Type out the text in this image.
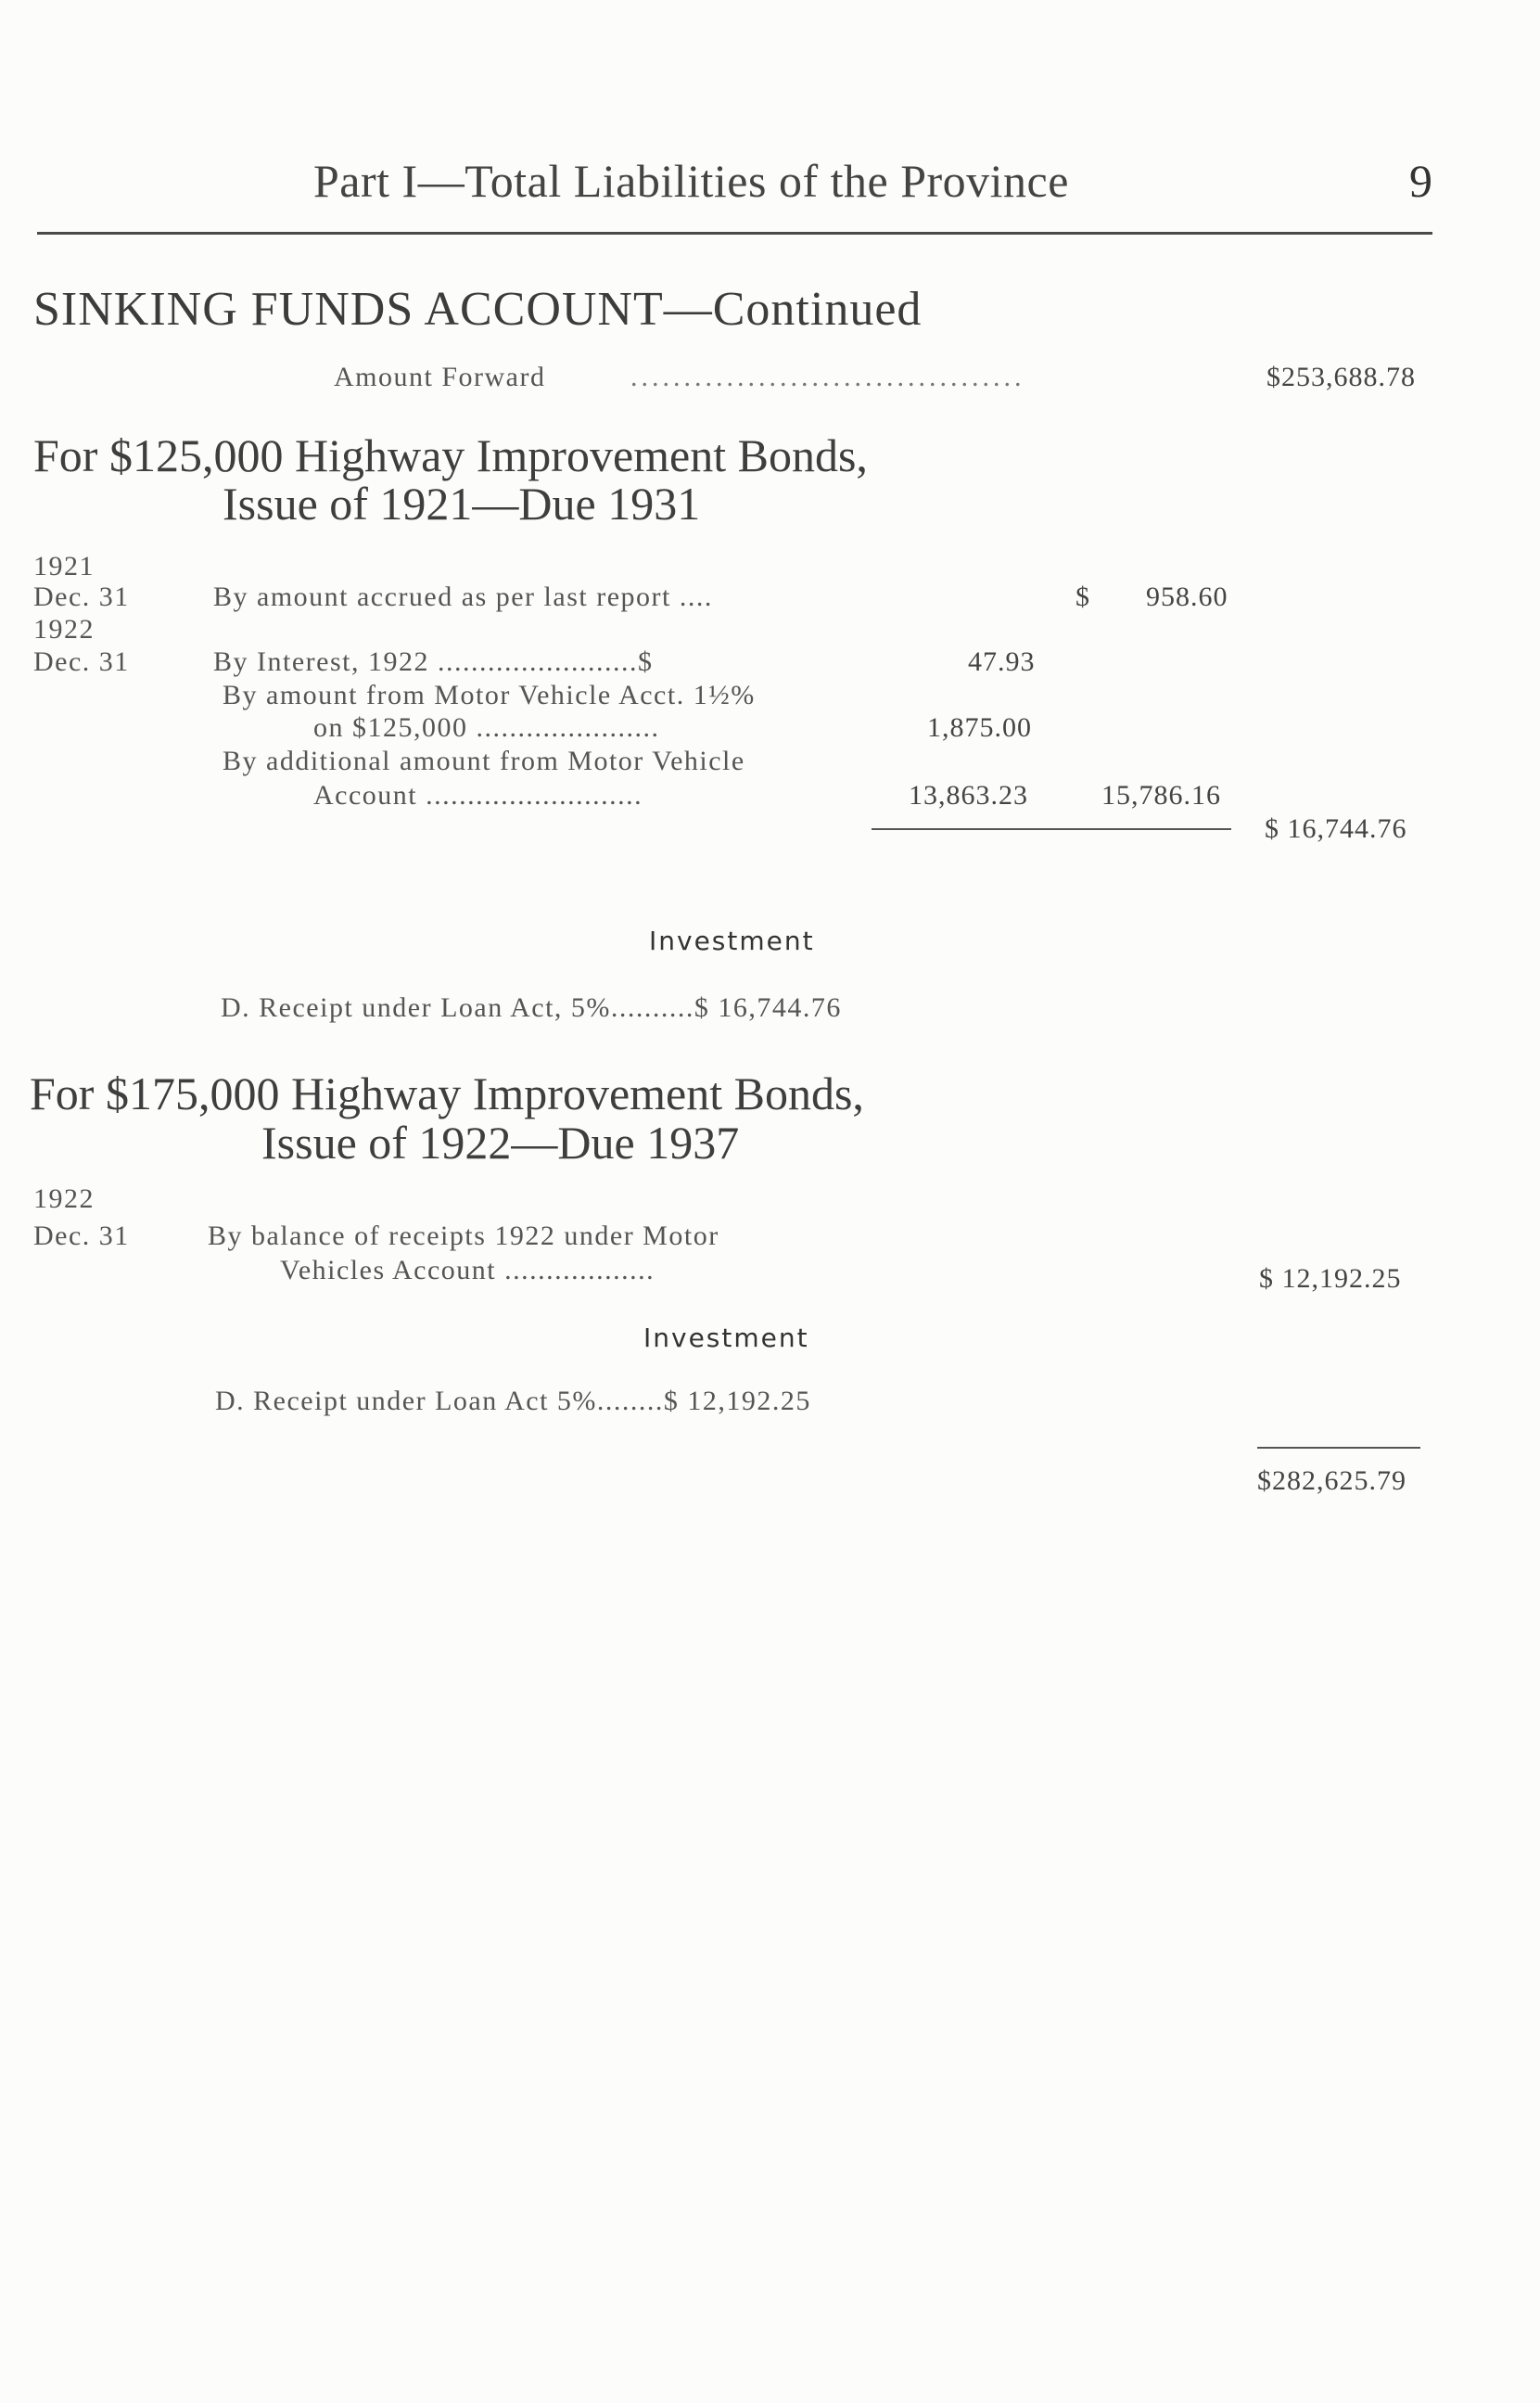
Part I—Total Liabilities of the Province	9
SINKING FUNDS ACCOUNT—Continued
Amount Forward	.....................................	$253,688.78
For $125,000 Highway Improvement Bonds,
Issue of 1921—Due 1931
1921
Dec. 31	By amount accrued as per last report ....	$ 958.60
1922
Dec. 31	By Interest, 1922 ........................$	47.93
By amount from Motor Vehicle Acct. 1½%
on $125,000 ......................	1,875.00
By additional amount from Motor Vehicle
Account ..........................	13,863.23	15,786.16
$ 16,744.76
Investment
D. Receipt under Loan Act, 5%..........$ 16,744.76
For $175,000 Highway Improvement Bonds,
Issue of 1922—Due 1937
1922
Dec. 31	By balance of receipts 1922 under Motor
Vehicles Account ..................	$ 12,192.25
Investment
D. Receipt under Loan Act 5%........$ 12,192.25
$282,625.79
